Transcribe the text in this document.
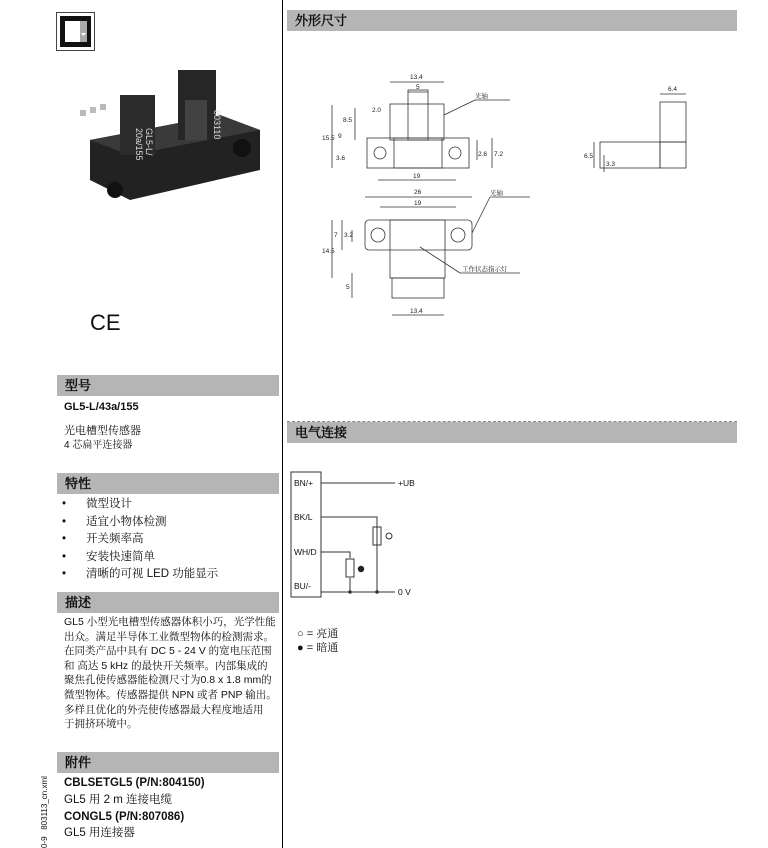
GL5-L/
20a/155
803110
CE
型号
GL5-L/43a/155
光电槽型传感器
4 芯扁平连接器
特性
• 微型设计
• 适宜小物体检测
• 开关频率高
• 安装快速简单
• 清晰的可视 LED 功能显示
描述
GL5 小型光电槽型传感器体积小巧，光学性能
出众。满足半导体工业微型物体的检测需求。
在同类产品中具有 DC 5 - 24 V 的宽电压范围
和 高达 5 kHz 的最快开关频率。内部集成的
聚焦孔使传感器能检测尺寸为0.8 x 1.8 mm的
微型物体。传感器提供 NPN 或者 PNP 输出。
多样且优化的外壳使传感器最大程度地适用
于拥挤环境中。
附件
CBLSETGL5 (P/N:804150)
GL5 用 2 m 连接电缆
CONGL5 (P/N:807086)
GL5 用连接器
0-9   803113_cn.xml
外形尺寸
13.4
5
2.0
8.5
15.5 9
3.6
2.6 7.2
19
光轴
26
19
7 3.2
14.5
5
13.4
光轴
工作状态指示灯
6.4
6.5
3.3
电气连接
BN/+
BK/L
WH/D
BU/-
+UB
0 V
○ = 亮通
● = 暗通
